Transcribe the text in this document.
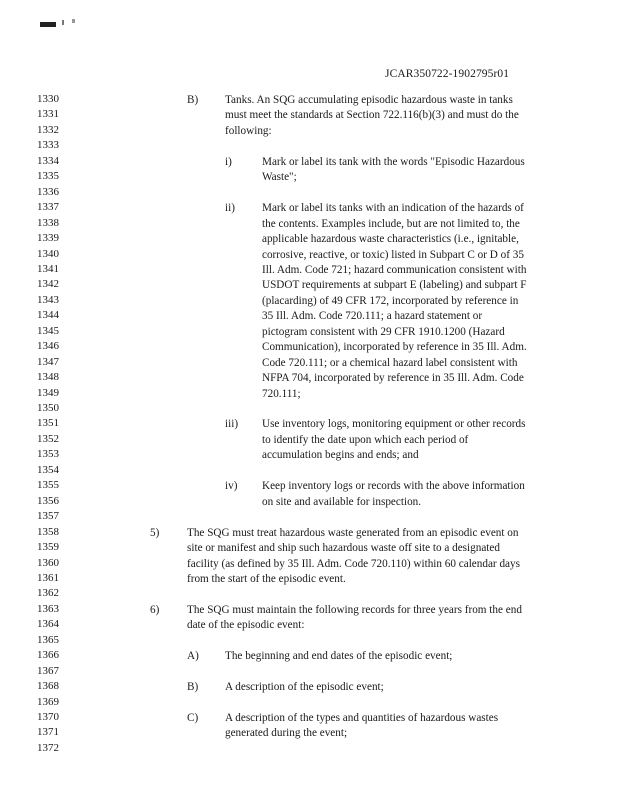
JCAR350722-1902795r01
1330
1331
1332
1333
1334
1335
1336
1337
1338
1339
1340
1341
1342
1343
1344
1345
1346
1347
1348
1349
1350
1351
1352
1353
1354
1355
1356
1357
1358
1359
1360
1361
1362
1363
1364
1365
1366
1367
1368
1369
1370
1371
1372
B) Tanks. An SQG accumulating episodic hazardous waste in tanks
must meet the standards at Section 722.116(b)(3) and must do the
following:
i)	Mark or label its tank with the words "Episodic Hazardous
Waste";
ii) Mark or label its tanks with an indication of the hazards of
the contents. Examples include, but are not limited to, the
applicable hazardous waste characteristics (i.e., ignitable,
corrosive, reactive, or toxic) listed in Subpart C or D of 35
Ill. Adm. Code 721; hazard communication consistent with
USDOT requirements at subpart E (labeling) and subpart F
(placarding) of 49 CFR 172, incorporated by reference in
35 Ill. Adm. Code 720.111; a hazard statement or
pictogram consistent with 29 CFR 1910.1200 (Hazard
Communication), incorporated by reference in 35 Ill. Adm.
Code 720.111; or a chemical hazard label consistent with
NFPA 704, incorporated by reference in 35 Ill. Adm. Code
720.111;
iii) Use inventory logs, monitoring equipment or other records
to identify the date upon which each period of
accumulation begins and ends; and
iv) Keep inventory logs or records with the above information
on site and available for inspection.
5) The SQG must treat hazardous waste generated from an episodic event on
site or manifest and ship such hazardous waste off site to a designated
facility (as defined by 35 Ill. Adm. Code 720.110) within 60 calendar days
from the start of the episodic event.
6) The SQG must maintain the following records for three years from the end
date of the episodic event:
A) The beginning and end dates of the episodic event;
B) A description of the episodic event;
C) A description of the types and quantities of hazardous wastes
generated during the event;
